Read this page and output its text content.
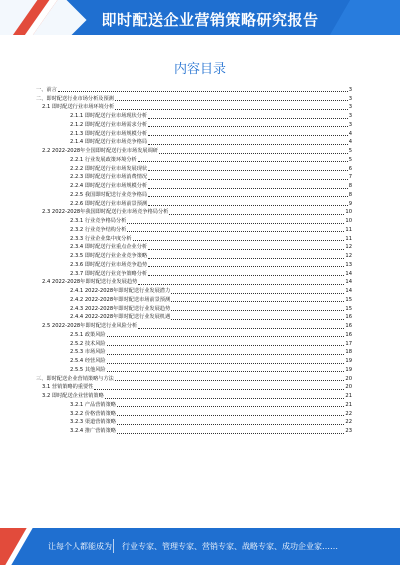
即时配送企业营销策略研究报告
内容目录
一、前言	3
二、即时配送行业市场分析及预测	3
2.1 即时配送行业市场环境分析	3
2.1.1 即时配送行业市场现状分析	3
2.1.2 即时配送行业市场需求分析	3
2.1.3 即时配送行业市场规模分析	4
2.1.4 即时配送行业市场竞争格局	4
2.2 2022-2028年全国即时配送行业市场发展调研	5
2.2.1 行业发展政策环境分析	5
2.2.2 即时配送行业市场发展现状	6
2.2.3 即时配送行业市场消费情况	7
2.2.4 即时配送行业市场规模分析	8
2.2.5 我国即时配送行业竞争格局	8
2.2.6 即时配送行业市场前景预测	9
2.3 2022-2028年我国即时配送行业市场竞争格局分析	10
2.3.1 行业竞争格局分析	10
2.3.2 行业竞争结构分析	11
2.3.3 行业企业集中度分析	11
2.3.4 即时配送行业重点企业分析	12
2.3.5 即时配送行业企业竞争策略	12
2.3.6 即时配送行业市场竞争趋势	13
2.3.7 即时配送行业竞争策略分析	14
2.4 2022-2028年即时配送行业发展趋势	14
2.4.1 2022-2028年即时配送行业发展潜力	14
2.4.2 2022-2028年即时配送市场前景预测	15
2.4.3 2022-2028年即时配送行业发展趋势	15
2.4.4 2022-2028年即时配送行业发展机遇	16
2.5 2022-2028年即时配送行业风险分析	16
2.5.1 政策风险	16
2.5.2 技术风险	17
2.5.3 市场风险	18
2.5.4 经营风险	19
2.5.5 其他风险	19
三、即时配送企业营销策略与方法	20
3.1 营销策略的重要性	20
3.2 即时配送企业营销策略	21
3.2.1 产品营销策略	21
3.2.2 价格营销策略	22
3.2.3 渠道营销策略	22
3.2.4 推广营销策略	23
让每个人都能成为 行业专家、管理专家、营销专家、战略专家、成功企业家……
